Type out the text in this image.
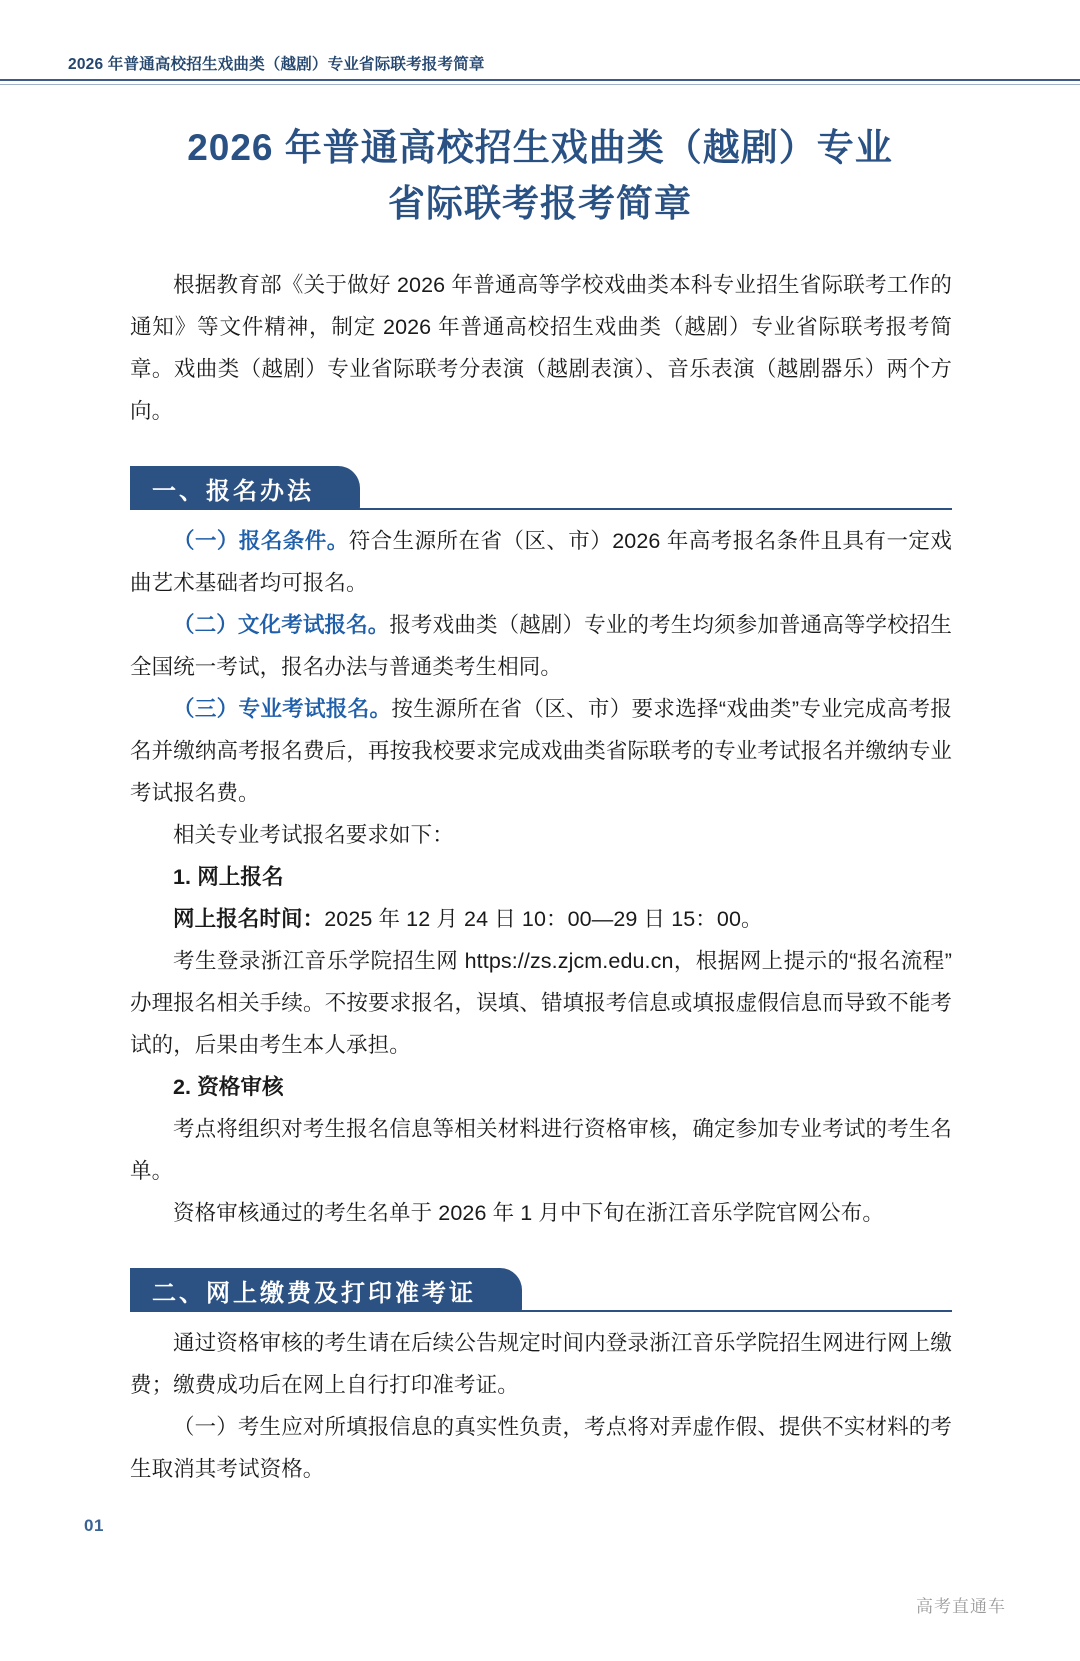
2026 年普通高校招生戏曲类（越剧）专业省际联考报考简章
2026 年普通高校招生戏曲类（越剧）专业
省际联考报考简章

根据教育部《关于做好 2026 年普通高等学校戏曲类本科专业招生省际联考工作的通知》等文件精神，制定 2026 年普通高校招生戏曲类（越剧）专业省际联考报考简章。戏曲类（越剧）专业省际联考分表演（越剧表演）、音乐表演（越剧器乐）两个方向。

一、报名办法

（一）报名条件。符合生源所在省（区、市）2026 年高考报名条件且具有一定戏曲艺术基础者均可报名。

（二）文化考试报名。报考戏曲类（越剧）专业的考生均须参加普通高等学校招生全国统一考试，报名办法与普通类考生相同。

（三）专业考试报名。按生源所在省（区、市）要求选择“戏曲类”专业完成高考报名并缴纳高考报名费后，再按我校要求完成戏曲类省际联考的专业考试报名并缴纳专业考试报名费。

相关专业考试报名要求如下：

1. 网上报名

网上报名时间：2025 年 12 月 24 日 10：00—29 日 15：00。

考生登录浙江音乐学院招生网 https://zs.zjcm.edu.cn，根据网上提示的“报名流程”办理报名相关手续。不按要求报名，误填、错填报考信息或填报虚假信息而导致不能考试的，后果由考生本人承担。

2. 资格审核

考点将组织对考生报名信息等相关材料进行资格审核，确定参加专业考试的考生名单。

资格审核通过的考生名单于 2026 年 1 月中下旬在浙江音乐学院官网公布。

二、网上缴费及打印准考证

通过资格审核的考生请在后续公告规定时间内登录浙江音乐学院招生网进行网上缴费；缴费成功后在网上自行打印准考证。

（一）考生应对所填报信息的真实性负责，考点将对弄虚作假、提供不实材料的考生取消其考试资格。

01
高考直通车
